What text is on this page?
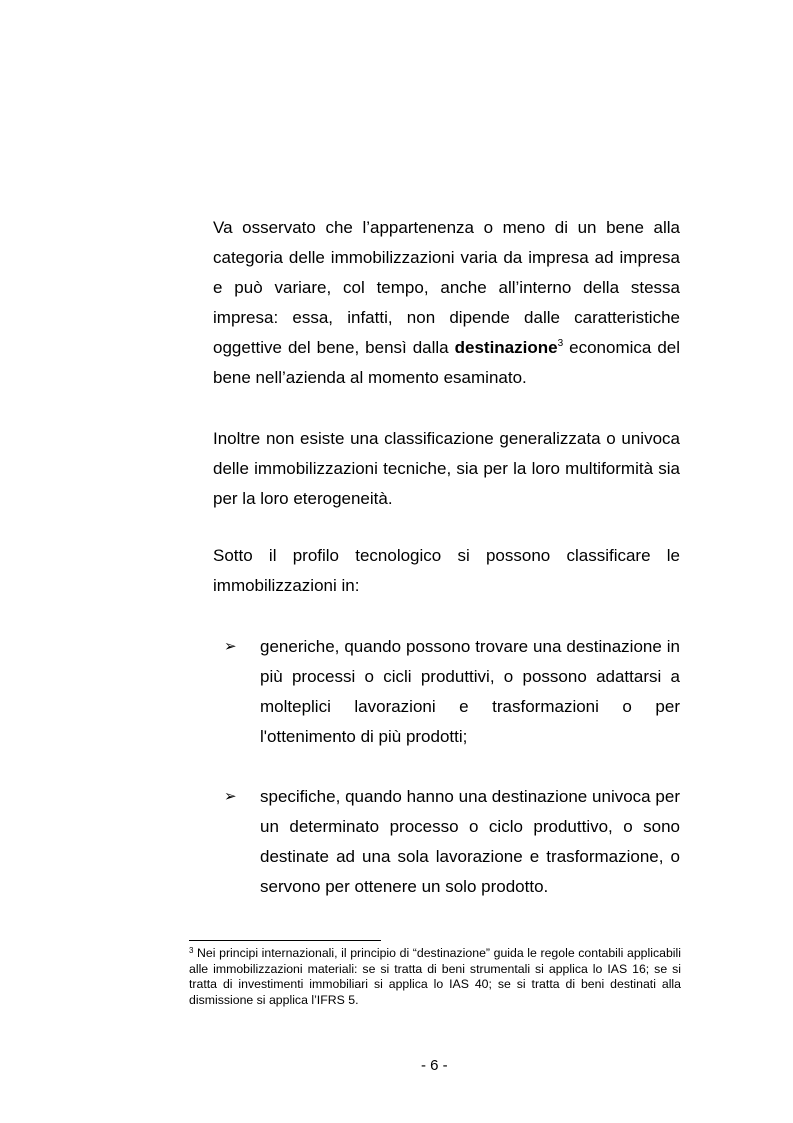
Va osservato che l’appartenenza o meno di un bene alla categoria delle immobilizzazioni varia da impresa ad impresa e può variare, col tempo, anche all’interno della stessa impresa: essa, infatti, non dipende dalle caratteristiche oggettive del bene, bensì dalla destinazione$^3$ economica del bene nell’azienda al momento esaminato.

Inoltre non esiste una classificazione generalizzata o univoca delle immobilizzazioni tecniche, sia per la loro multiformità sia per la loro eterogeneità.

Sotto il profilo tecnologico si possono classificare le immobilizzazioni in:

➢ generiche, quando possono trovare una destinazione in più processi o cicli produttivi, o possono adattarsi a molteplici lavorazioni e trasformazioni o per l'ottenimento di più prodotti;
➢ specifiche, quando hanno una destinazione univoca per un determinato processo o ciclo produttivo, o sono destinate ad una sola lavorazione e trasformazione, o servono per ottenere un solo prodotto.
$^3$ Nei principi internazionali, il principio di “destinazione” guida le regole contabili applicabili alle immobilizzazioni materiali: se si tratta di beni strumentali si applica lo IAS 16; se si tratta di investimenti immobiliari si applica lo IAS 40; se si tratta di beni destinati alla dismissione si applica l’IFRS 5.
- 6 -
